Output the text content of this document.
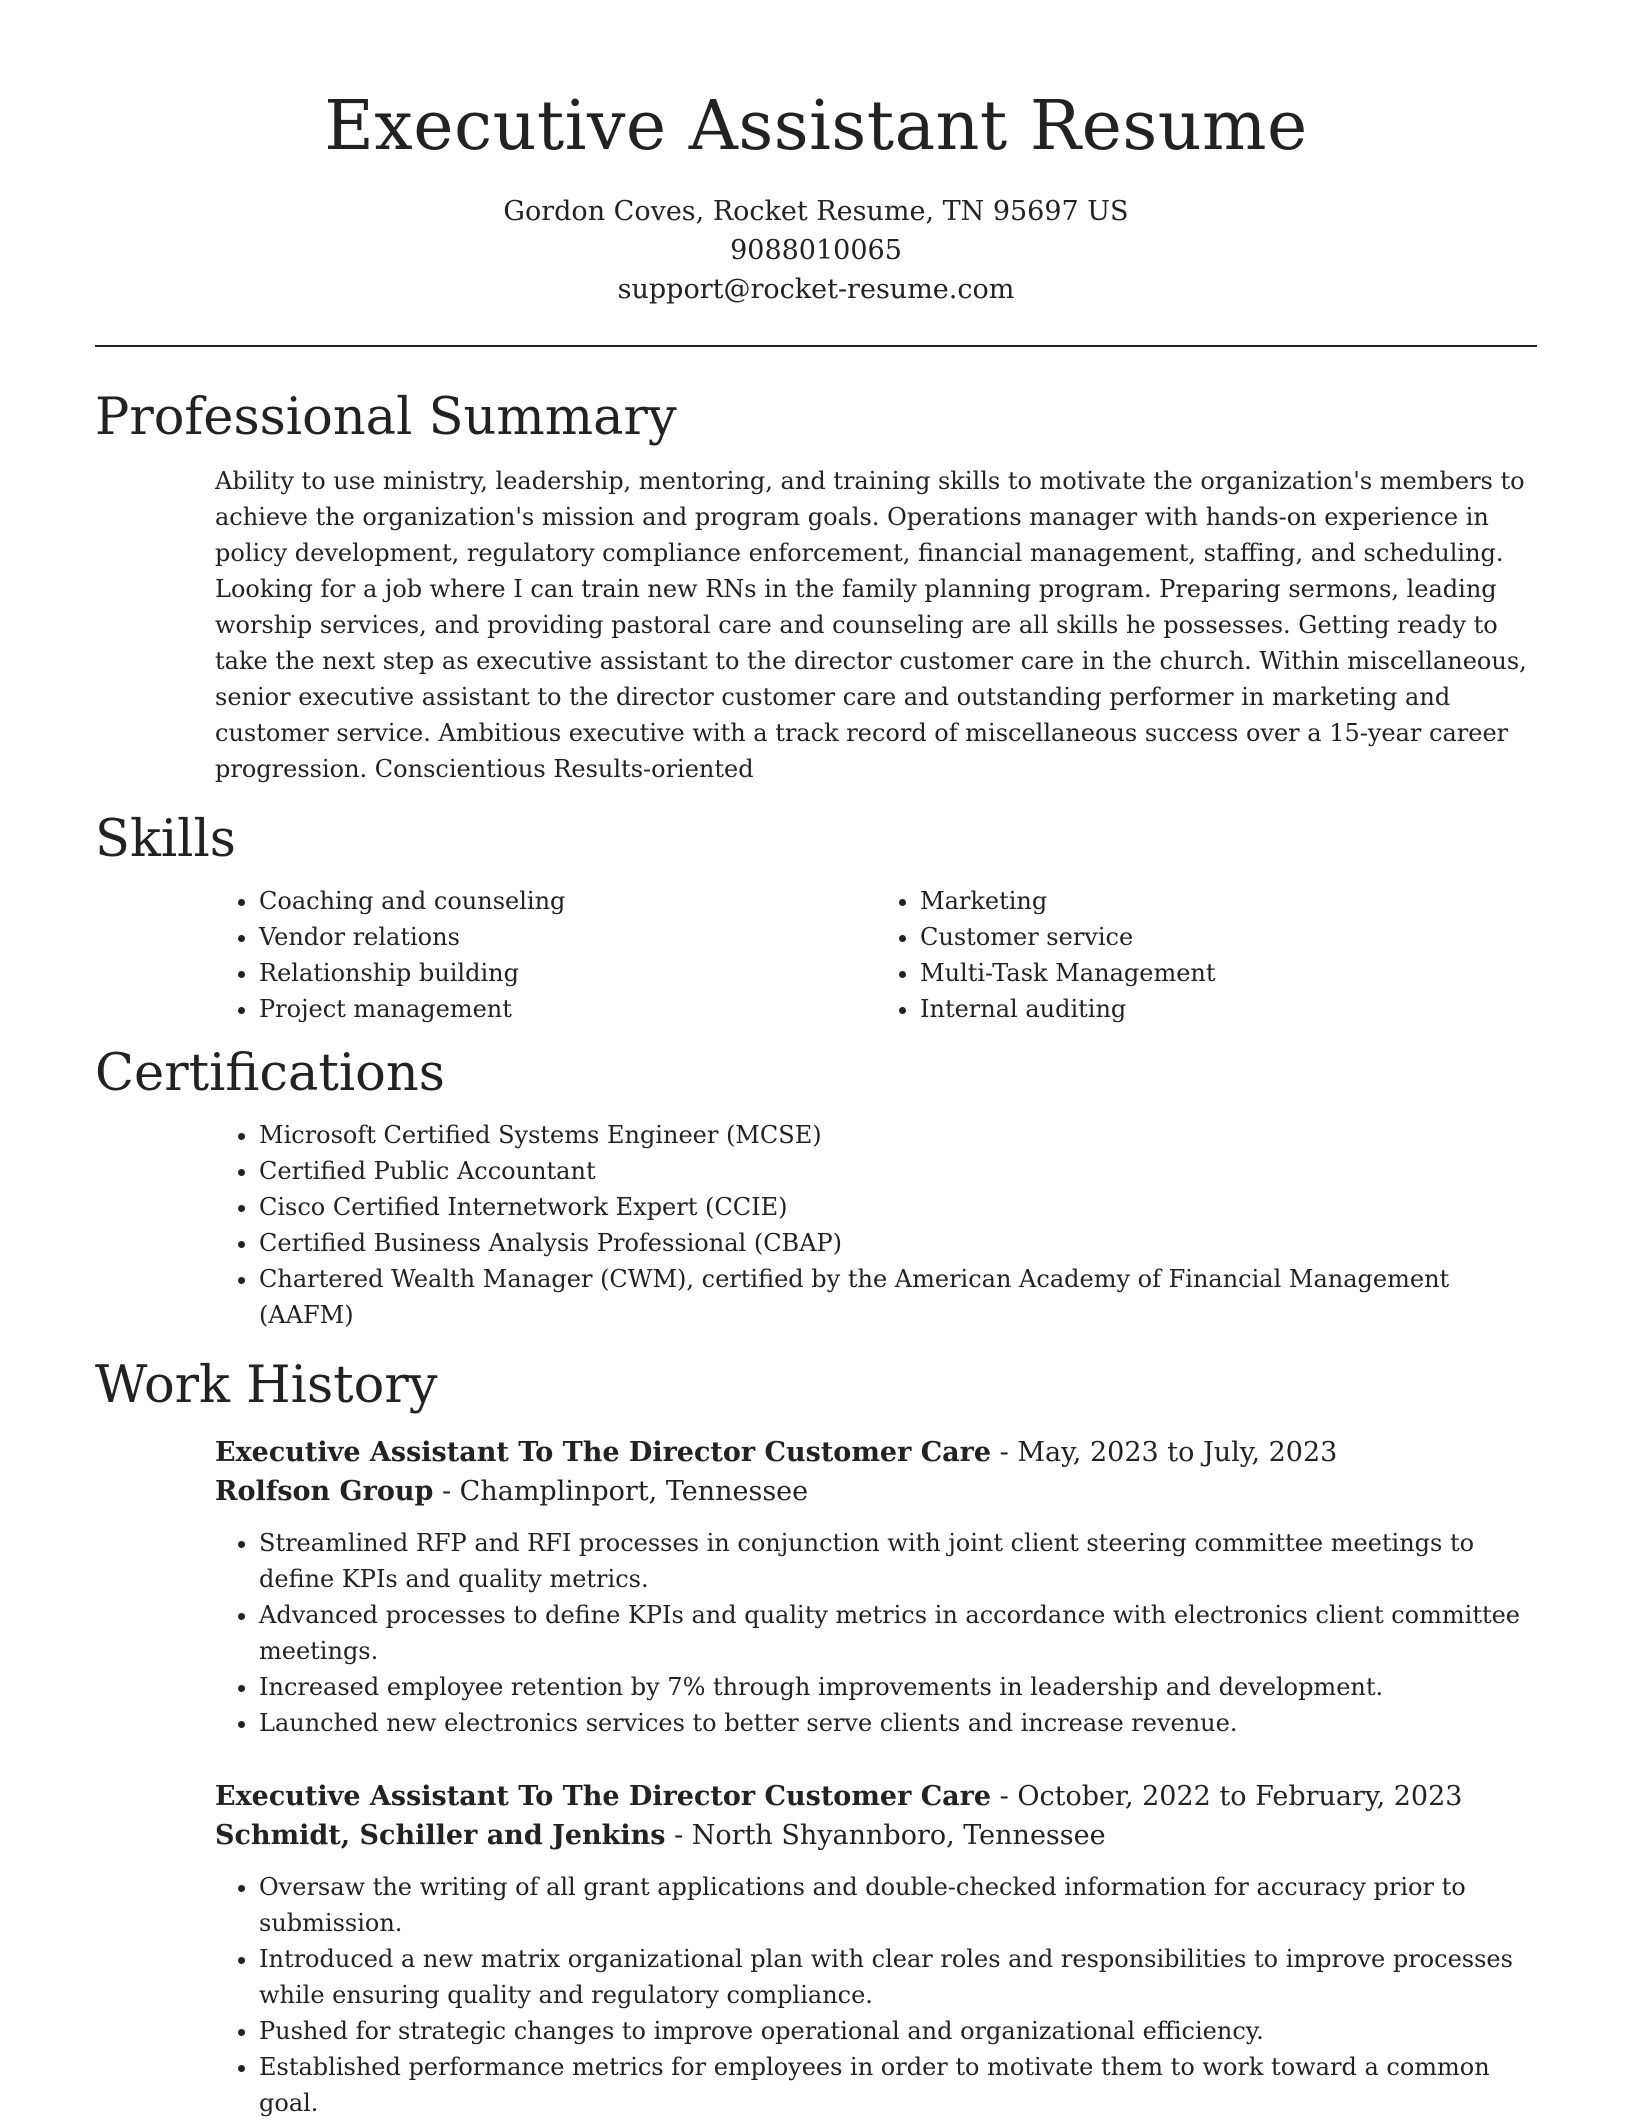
Executive Assistant Resume
Gordon Coves, Rocket Resume, TN 95697 US
9088010065
support@rocket-resume.com
Professional Summary

Ability to use ministry, leadership, mentoring, and training skills to motivate the organization's members to achieve the organization's mission and program goals. Operations manager with hands-on experience in policy development, regulatory compliance enforcement, financial management, staffing, and scheduling. Looking for a job where I can train new RNs in the family planning program. Preparing sermons, leading worship services, and providing pastoral care and counseling are all skills he possesses. Getting ready to take the next step as executive assistant to the director customer care in the church. Within miscellaneous, senior executive assistant to the director customer care and outstanding performer in marketing and customer service. Ambitious executive with a track record of miscellaneous success over a 15-year career progression. Conscientious Results-oriented

Skills
• Coaching and counseling
• Vendor relations
• Relationship building
• Project management
• Marketing
• Customer service
• Multi-Task Management
• Internal auditing
Certifications
• Microsoft Certified Systems Engineer (MCSE)
• Certified Public Accountant
• Cisco Certified Internetwork Expert (CCIE)
• Certified Business Analysis Professional (CBAP)
• Chartered Wealth Manager (CWM), certified by the American Academy of Financial Management (AAFM)
Work History
Executive Assistant To The Director Customer Care - May, 2023 to July, 2023
Rolfson Group - Champlinport, Tennessee
• Streamlined RFP and RFI processes in conjunction with joint client steering committee meetings to define KPIs and quality metrics.
• Advanced processes to define KPIs and quality metrics in accordance with electronics client committee meetings.
• Increased employee retention by 7% through improvements in leadership and development.
• Launched new electronics services to better serve clients and increase revenue.
Executive Assistant To The Director Customer Care - October, 2022 to February, 2023
Schmidt, Schiller and Jenkins - North Shyannboro, Tennessee
• Oversaw the writing of all grant applications and double-checked information for accuracy prior to submission.
• Introduced a new matrix organizational plan with clear roles and responsibilities to improve processes while ensuring quality and regulatory compliance.
• Pushed for strategic changes to improve operational and organizational efficiency.
• Established performance metrics for employees in order to motivate them to work toward a common goal.
